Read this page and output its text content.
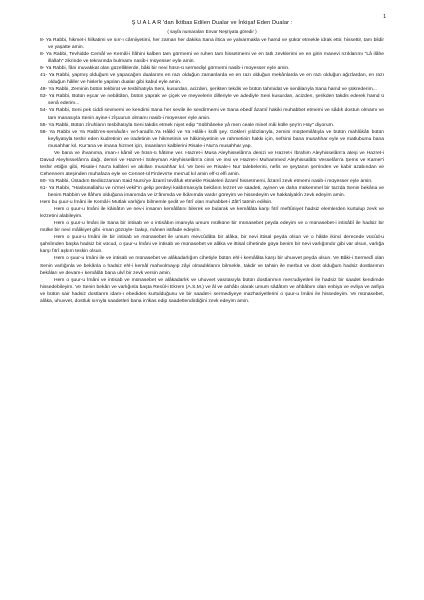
1
Ş U A L A R 'dan İktibas Edilen Dualar ve İnkişaf Eden Dualar :
( sayfa numaraları Envar Neşriyata göredir )

8- Ya Rabbi, hikmet-i hilkatimi ve sırr-ı câmiiyetimi, her zaman her dakika Sana iltica ve yalvarmakla ve hamd ve şükür etmekle idrak ettir, hissettir, tam bildir ve yaşatte amin.

8- Ya Rabbi, Tevhidde Cemâl ve Kemâl-i İlâhini kalben tam görmemi ve ruhen tam hissetmemi ve en tatlı zevklerimi ve en girin manevi nzıklarımı "Lâ ilâhe illallah" zikrinde ve tekrarında bulmamı nasib-i müyesser eyle amin.

9- Ya Rabbi, fâni muvakkat olan güzelliklerde, bâki bir nevi hüsn-ü sermediyi görmemi nasib-i müyesser eyle amin.

41- Ya Rabbi, yapmış olduğum ve yapacağım dualarımı en razı olduğun zamanlarda ve en razı olduğun mekânlarda ve en razı olduğun ağızlardan, en razı olduğun hâller ve hislerle yapılan dualar gibi kabul eyle amin.

48- Ya Rabbi, Zeminin bütün tekbirat ve tesbihatıyla Seni, kusurdan, acizden, şerikten tekdis ve bütün tahmidat ve senâlarıyla Sana hamd ve şükrederim...

53- Ya Rabbi, Bütün eşcar ve nebâtâtın, bütün yaprak ve çiçek ve meyvelerin dilleriyle ve adediyle Seni kusurdan, acizden, şerikden takdis ederek hamd ü senâ ederim...

54- Ya Rabbi, Seni pek ciddi sevmemi ve kendimi Sana her sevile ile sevdirmemi ve Sana ebedî âzamî hakiki muhabbet etmemi ve sâdık dostun olmamı ve tam manasıyla Senin ayine-i zîşuurun olmamı nasib-i müyesser eyle amin.

55- Ya Rabbi, Bütün zîruhların tesbihatıyla Seni takdis etmek niyet edip "Sübhâneke yâ men ceale minel mâi külle şey'in Hay" diyorum.

58- Ya Rabbi ve Ya Rabb'es-semâvât-ı ve'l-aradîn.Ya Hâlikî ve Ya Hâlik-ı külli şey. Gökleri yıldızlarıyla, zemini müştemilâtıyla ve bütün mahlûkâtı bütün keyfiyatıyla teshir eden kudretinin ve iradetinin ve hikmetinin ve hâkimiyetinin ve rahmetinin hakkı için, nefsimi bana musahhar eyle ve matlubumu bana musahhar kıl. Kur'ana ve imana hizmet için, insanların kalblerini Risale-i Nur'a musahhar yap.

Ve bana ve ihvanıma, iman-ı kâmil ve hüsn-ü hâtime ver. Hazret-i Musa Aleyhisselâm'a denizi ve Hazret-i İbrahim Aleyhisselâm'a ateşi ve Hazret-i Davud Aleyhisselâm'a dağı, demiri ve Hazret-i Süleyman Aleyhisselâm'a cinni ve insi ve Hazret-i Muhammed Aleyhissalâtü Vesselâm'a Şems ve Kamer'i teshir ettiğin gibi, Risale-i Nur'a kalbleri ve akılları musahhar kıl. Ve beni ve Risale-i Nur talebelerini, nefis ve şeytanın şerrinden ve kabir azabından ve Cehennem ateşinden muhafaza eyle ve Cennet-ül Firdevs'te mes'ud kıl amin elf-ü elfi amin.

60- Ya Rabbi, Üstadım Bediüzzaman Said Nursi'ye âzamî tevâfuk etmekle Risaleleri âzamî hissetmemi, âzamî zevk etmemi nasib-i müyesser eyle amin.

61- Ya Rabbi, "Hasbünallahu ve ni'mel vekil"in gelip perdeyi kaldırmasıyla bekânın lezzet ve saadeti, ayinen ve daha mükemmel bir tarzda Senin bekâna ve benim Rabbim ve İlâhım olduğuna imanımda ve iz'ânımda ve İkânımda vardır göreyim ve hissedeyim ve hakkalyakîn zevk edeyim amin.

Hem bu şuur-u İmâni ile Kemâl-i Mutlak varlığını bilmemle şedit ve fıtrî olan muhabbet-i Zât'î tatmin edilsin.

Hem o şuur-u İmâni ile kâinâtın ve nev-i insanın kemâlâtını bilerek ve bularak ve kemâlâta karşı fıtrî meftûniyet hadsiz elemlerden kurtulup zevk ve lezzetini alabileyim.

Hem o şuur-u İmâni ile Sana bir intisab ve o intisâbın imanıyla umum mülküne bir münasebet peyda edeyim ve o münasebet-i intisâbî ile hadsiz bir mülke bir nevi mâlikiyet gibi -iman gözüyle- bakıp, mânen istifade edeyim.

Hem o şuur-u İmâni ile bir intisab ve münasebet ile umum mevcûdâta bir alâka, bir nevi ittisal peyda olsun ve o hâlde ikinci derecede vücûd-u şahsîmden başka hadsiz bir vücud, o şuur-u İmâni ve intisab ve münasebet ve alâka ve ittisal cihetinde güya benim bir nevi varlığımdır gibi var olsun, varlığa karşı fıtrî aşkım teskin olsun.

Hem o şuur-u İmâni ile ve intisab ve münasebet ve alâkadarlığım cihetiyle bütün ehl-i kemâlâta karşı bir uhuvvet peyda olsun. Ve Bâki-i Sermedî olan Senin varlığınla ve bekânla o hadsiz ehl-i kemâl mahvolmayıp zâyi olmadıklarını bilmekle, takdir ve tahsin ile merbut ve dost olduğum hadsiz dostlarımın bekâları ve devam-ı kemâlâtı bana ulvî bir zevk versin amin.

Hem o şuur-u İmâni ve intisab ve münasebet ve alâkadarlık ve uhuvvet vasıtasıyla bütün dostlarımın mes'udiyetleri ile hadsiz bir saadet kendimde hissedebileyim. Ve Senin bekân ve varlığınla başta Resûl-i Ekrem (A.S.M.) ve âl ve ashâbı olarak umum sâdâtım ve ahbâbım olan enbiya ve evliya ve asfiya ve bütün sair hadsiz dostlarım idam-ı ebediden kurtulduğunu ve bir saadet-i sermediyeye mazhariyetlerini o şuur-u İmâni ile hissedeyim. Ve münasebet, alâka, uhuvvet, dostluk sırrıyla saadetleri bana in'ikas edip saadetlendirdiğini zevk edeyim amin.
